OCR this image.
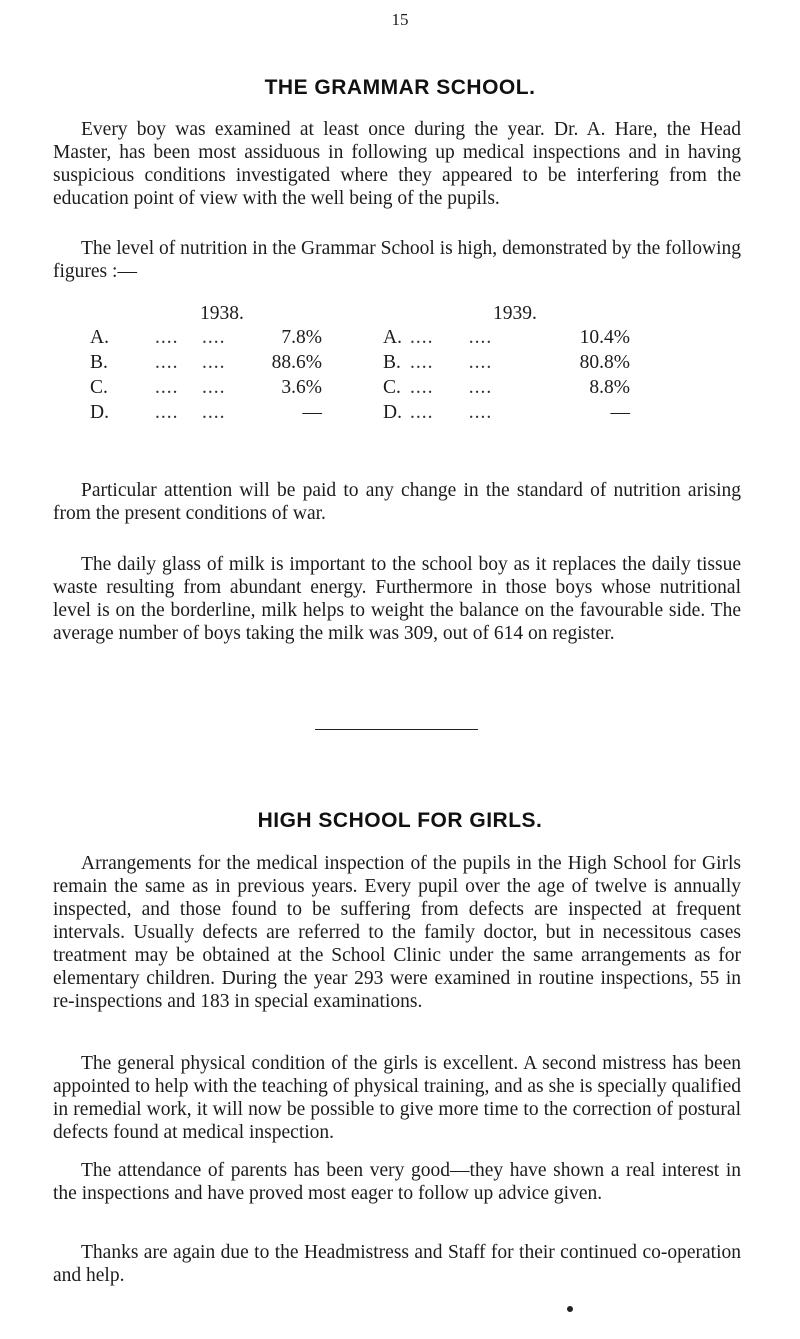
15
THE GRAMMAR SCHOOL.

Every boy was examined at least once during the year. Dr. A. Hare, the Head Master, has been most assiduous in following up medical inspections and in having suspicious conditions investigated where they appeared to be interfering from the education point of view with the well being of the pupils.

The level of nutrition in the Grammar School is high, demonstrated by the following figures :—

1938.	1939.
A. ....    ....	7.8%	A. ....      ....	10.4%
B. ....    ....	88.6%	B. ....      ....	80.8%
C. ....    ....	3.6%	C. ....      ....	8.8%
D. ....    ....	—	D. ....      ....	—

Particular attention will be paid to any change in the standard of nutrition arising from the present conditions of war.

The daily glass of milk is important to the school boy as it replaces the daily tissue waste resulting from abundant energy. Furthermore in those boys whose nutritional level is on the borderline, milk helps to weight the balance on the favourable side. The average number of boys taking the milk was 309, out of 614 on register.

HIGH SCHOOL FOR GIRLS.

Arrangements for the medical inspection of the pupils in the High School for Girls remain the same as in previous years. Every pupil over the age of twelve is annually inspected, and those found to be suffering from defects are inspected at frequent intervals. Usually defects are referred to the family doctor, but in necessitous cases treatment may be obtained at the School Clinic under the same arrangements as for elementary children. During the year 293 were examined in routine inspections, 55 in re-inspections and 183 in special examinations.

The general physical condition of the girls is excellent. A second mistress has been appointed to help with the teaching of physical training, and as she is specially qualified in remedial work, it will now be possible to give more time to the correction of postural defects found at medical inspection.

The attendance of parents has been very good—they have shown a real interest in the inspections and have proved most eager to follow up advice given.

Thanks are again due to the Headmistress and Staff for their continued co-operation and help.
